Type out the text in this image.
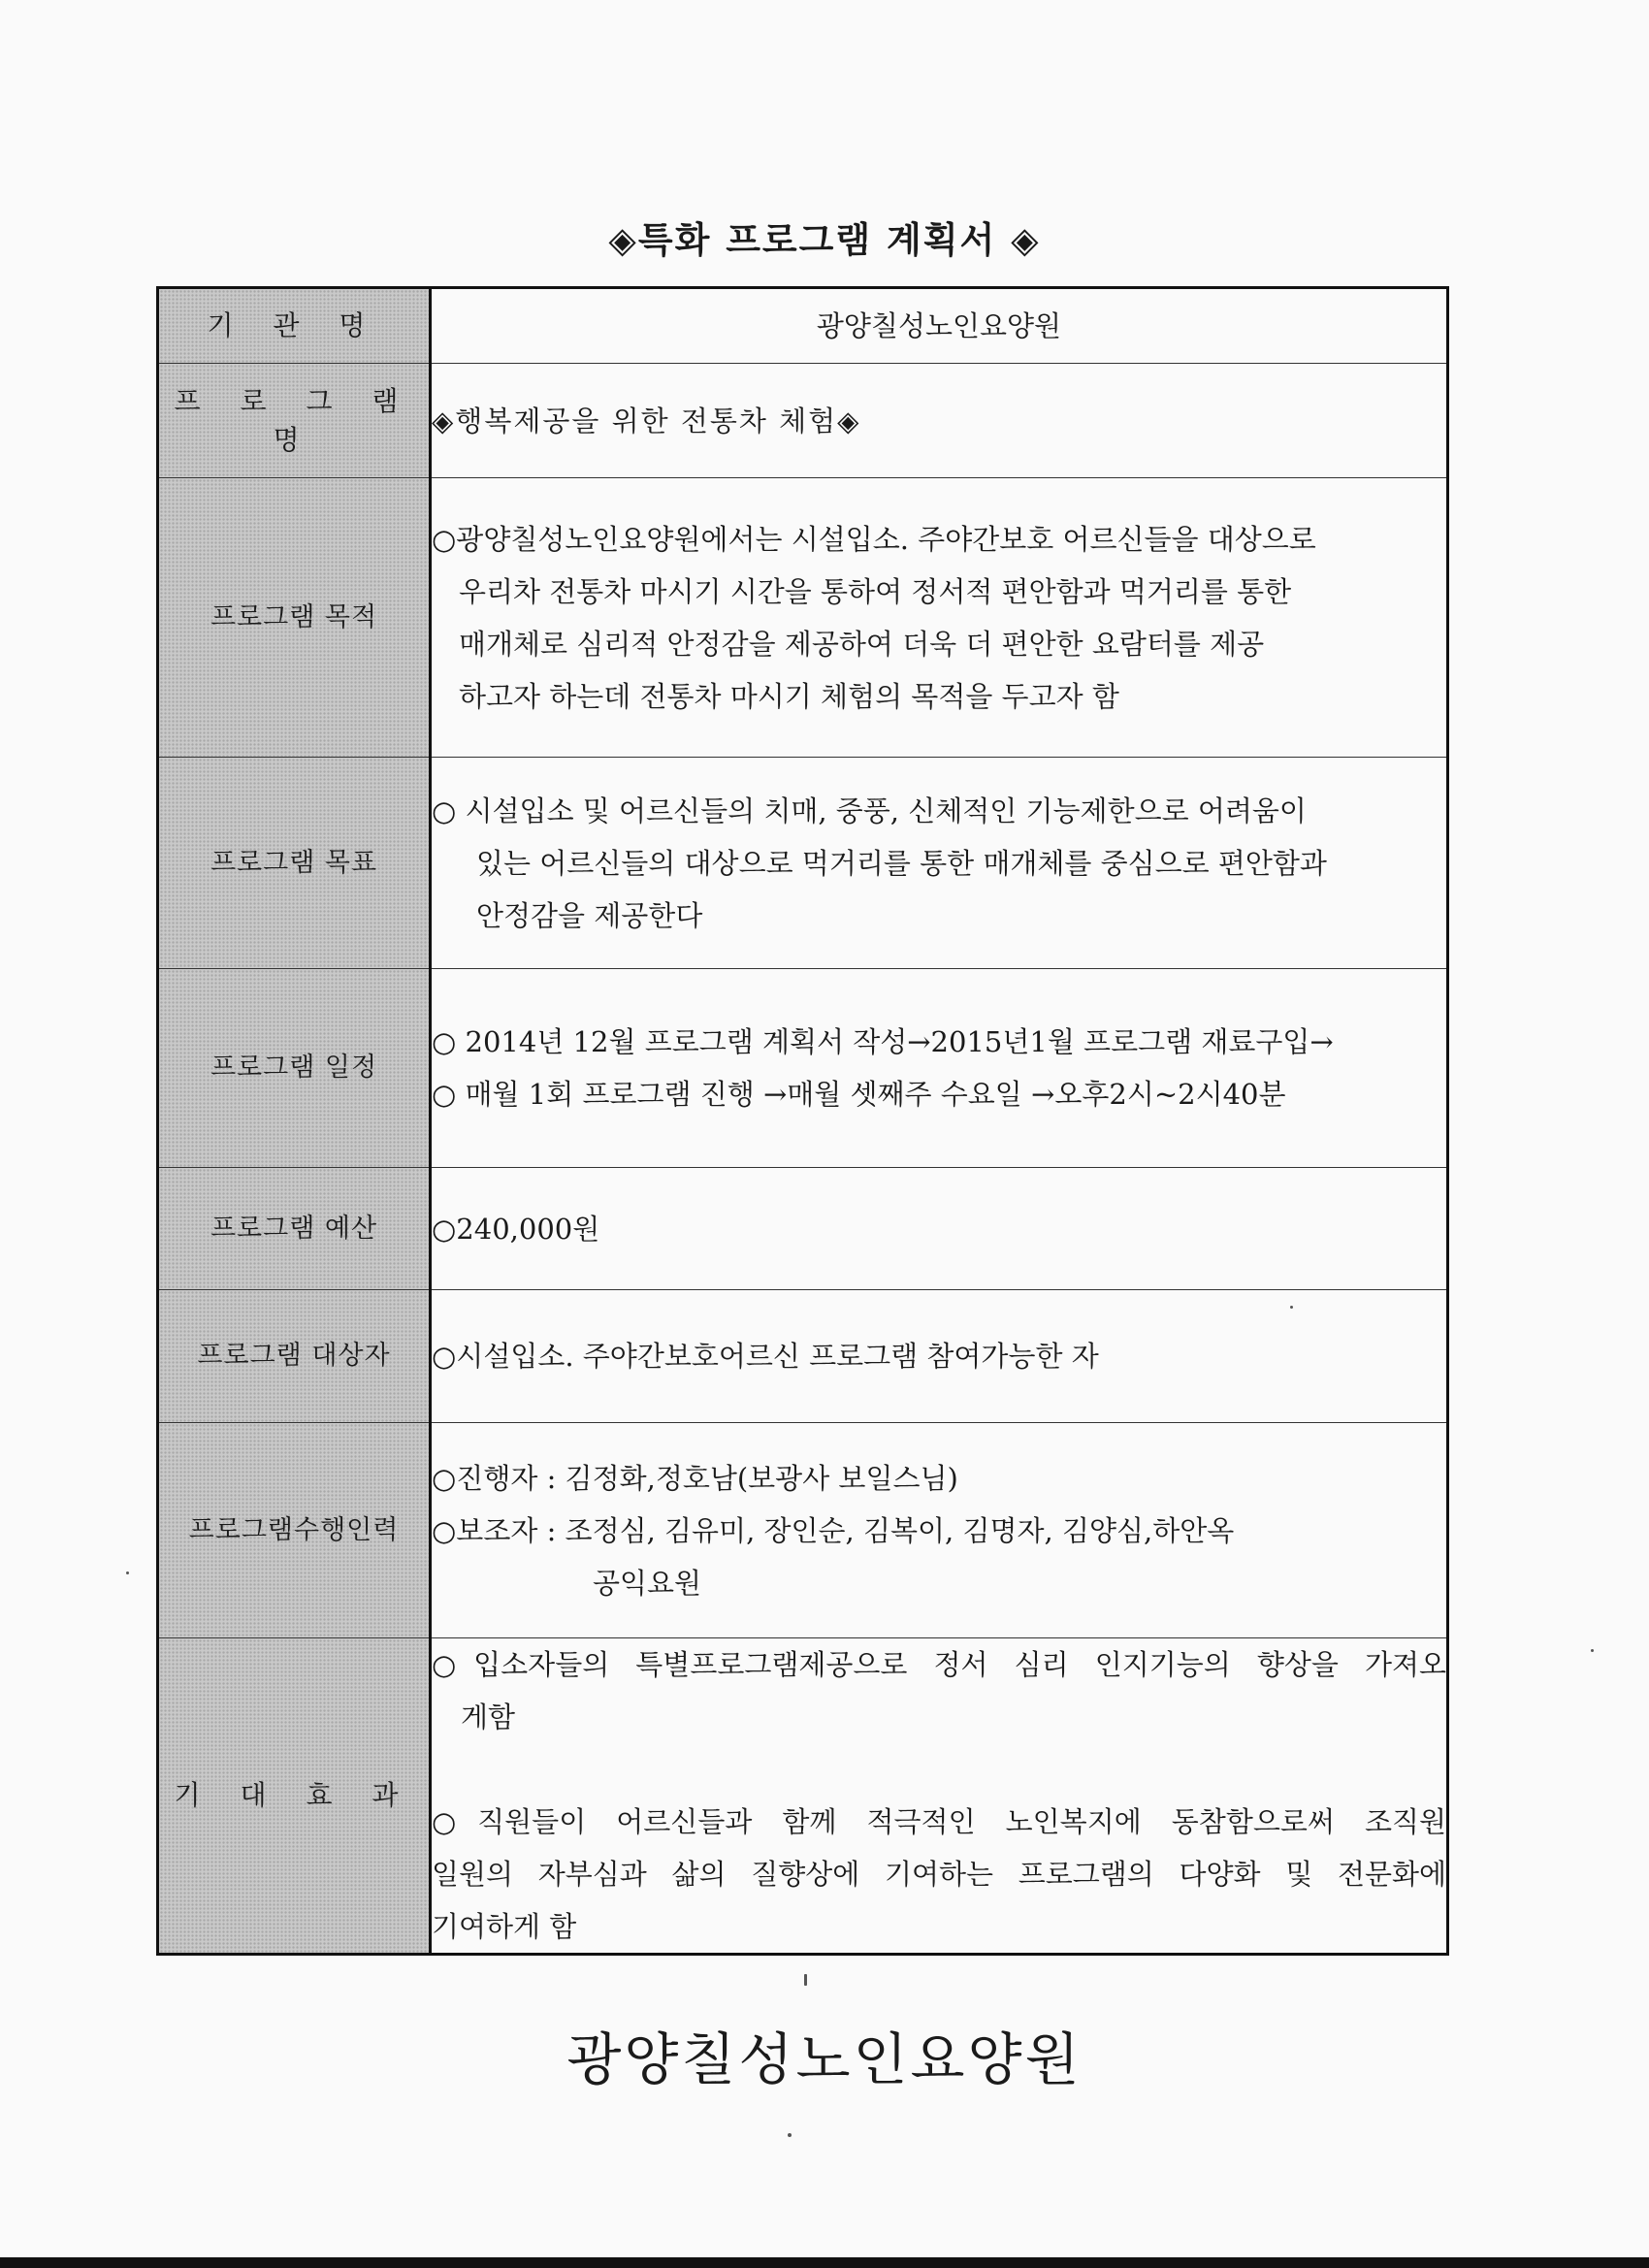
◈특화 프로그램 계획서 ◈
기 관 명	광양칠성노인요양원
프 로 그 램 명	◈행복제공을 위한 전통차 체험◈
프로그램 목적	○광양칠성노인요양원에서는 시설입소. 주야간보호 어르신들을 대상으로
우리차 전통차 마시기 시간을 통하여 정서적 편안함과 먹거리를 통한
매개체로 심리적 안정감을 제공하여 더욱 더 편안한 요람터를 제공
하고자 하는데 전통차 마시기 체험의 목적을 두고자 함

프로그램 목표	○ 시설입소 및 어르신들의 치매, 중풍, 신체적인 기능제한으로 어려움이
있는 어르신들의 대상으로 먹거리를 통한 매개체를 중심으로 편안함과
안정감을 제공한다

프로그램 일정	○ 2014년 12월 프로그램 계획서 작성→2015년1월 프로그램 재료구입→
○ 매월 1회 프로그램 진행 →매월 셋째주 수요일 →오후2시~2시40분

프로그램 예산	○240,000원
프로그램 대상자	○시설입소. 주야간보호어르신 프로그램 참여가능한 자
프로그램수행인력	○진행자 : 김정화,정호남(보광사 보일스님)
○보조자 : 조정심, 김유미, 장인순, 김복이, 김명자, 김양심,하안옥
공익요원

기 대 효 과	○입소자들의 특별프로그램제공으로 정서 심리 인지기능의 향상을 가져오
게함
○직원들이 어르신들과 함께 적극적인 노인복지에 동참함으로써 조직원
일원의 자부심과 삶의 질향상에 기여하는 프로그램의 다양화 및 전문화에
기여하게 함
광양칠성노인요양원
